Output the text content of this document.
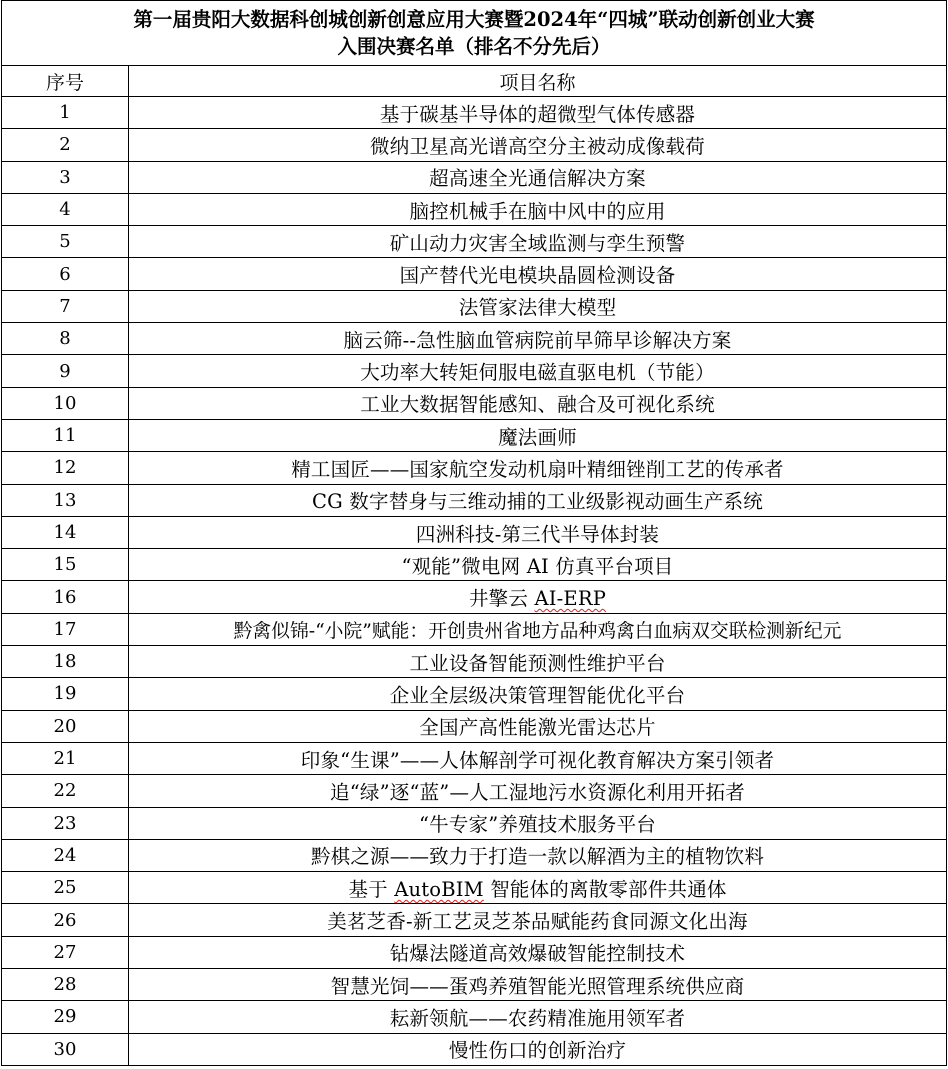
第一届贵阳大数据科创城创新创意应用大赛暨2024年“四城”联动创新创业大赛
入围决赛名单（排名不分先后）	

序号	项目名称
1	基于碳基半导体的超微型气体传感器
2	微纳卫星高光谱高空分主被动成像载荷
3	超高速全光通信解决方案
4	脑控机械手在脑中风中的应用
5	矿山动力灾害全域监测与孪生预警
6	国产替代光电模块晶圆检测设备
7	法管家法律大模型
8	脑云筛--急性脑血管病院前早筛早诊解决方案
9	大功率大转矩伺服电磁直驱电机（节能）
10	工业大数据智能感知、融合及可视化系统
11	魔法画师
12	精工国匠——国家航空发动机扇叶精细锉削工艺的传承者
13	CG 数字替身与三维动捕的工业级影视动画生产系统
14	四洲科技-第三代半导体封装
15	“观能”微电网 AI 仿真平台项目
16	井擎云 AI-ERP
17	黔禽似锦-“小院”赋能：开创贵州省地方品种鸡禽白血病双交联检测新纪元
18	工业设备智能预测性维护平台
19	企业全层级决策管理智能优化平台
20	全国产高性能激光雷达芯片
21	印象“生课”——人体解剖学可视化教育解决方案引领者
22	追“绿”逐“蓝”—人工湿地污水资源化利用开拓者
23	“牛专家”养殖技术服务平台
24	黔棋之源——致力于打造一款以解酒为主的植物饮料
25	基于 AutoBIM 智能体的离散零部件共通体
26	美茗芝香-新工艺灵芝茶品赋能药食同源文化出海
27	钻爆法隧道高效爆破智能控制技术
28	智慧光饲——蛋鸡养殖智能光照管理系统供应商
29	耘新领航——农药精准施用领军者
30	慢性伤口的创新治疗
